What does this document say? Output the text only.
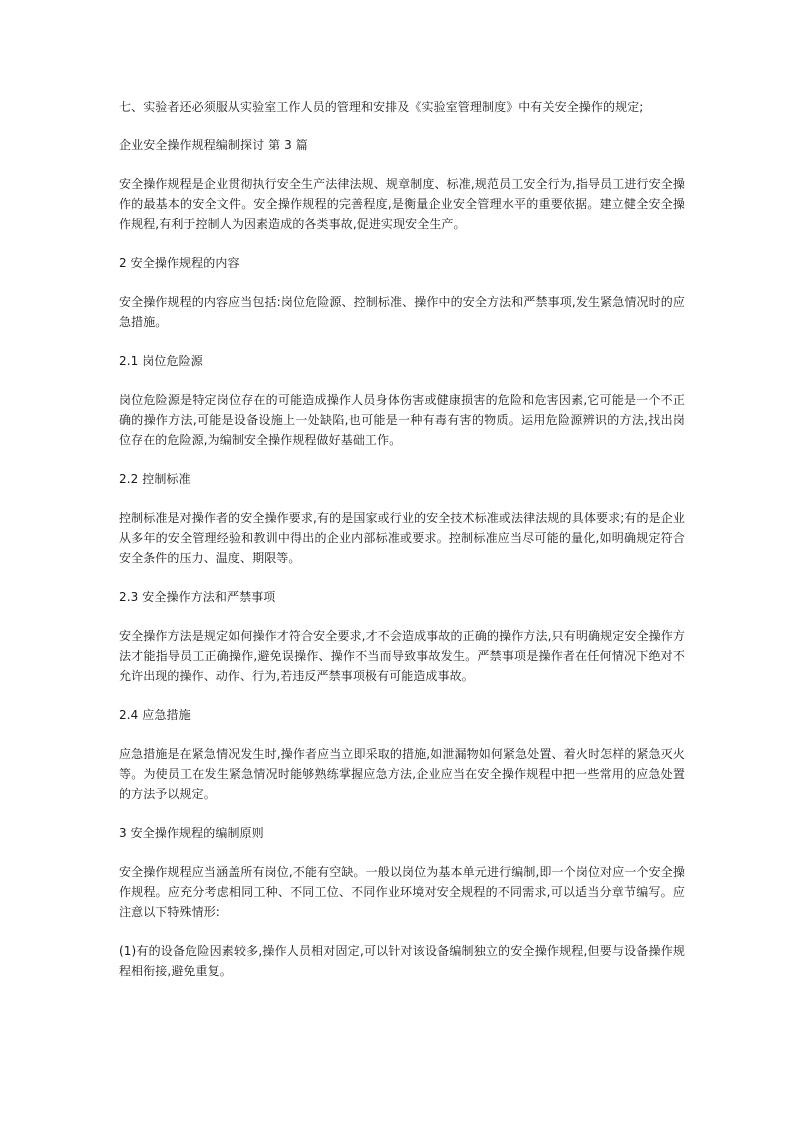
七、实验者还必须服从实验室工作人员的管理和安排及《实验室管理制度》中有关安全操作的规定;

企业安全操作规程编制探讨 第 3 篇

安全操作规程是企业贯彻执行安全生产法律法规、规章制度、标准,规范员工安全行为,指导员工进行安全操作的最基本的安全文件。安全操作规程的完善程度,是衡量企业安全管理水平的重要依据。建立健全安全操作规程,有利于控制人为因素造成的各类事故,促进实现安全生产。

2 安全操作规程的内容

安全操作规程的内容应当包括:岗位危险源、控制标准、操作中的安全方法和严禁事项,发生紧急情况时的应急措施。

2.1 岗位危险源

岗位危险源是特定岗位存在的可能造成操作人员身体伤害或健康损害的危险和危害因素,它可能是一个不正确的操作方法,可能是设备设施上一处缺陷,也可能是一种有毒有害的物质。运用危险源辨识的方法,找出岗位存在的危险源,为编制安全操作规程做好基础工作。

2.2 控制标准

控制标准是对操作者的安全操作要求,有的是国家或行业的安全技术标准或法律法规的具体要求;有的是企业从多年的安全管理经验和教训中得出的企业内部标准或要求。控制标准应当尽可能的量化,如明确规定符合安全条件的压力、温度、期限等。

2.3 安全操作方法和严禁事项

安全操作方法是规定如何操作才符合安全要求,才不会造成事故的正确的操作方法,只有明确规定安全操作方法才能指导员工正确操作,避免误操作、操作不当而导致事故发生。严禁事项是操作者在任何情况下绝对不允许出现的操作、动作、行为,若违反严禁事项极有可能造成事故。

2.4 应急措施

应急措施是在紧急情况发生时,操作者应当立即采取的措施,如泄漏物如何紧急处置、着火时怎样的紧急灭火等。为使员工在发生紧急情况时能够熟练掌握应急方法,企业应当在安全操作规程中把一些常用的应急处置的方法予以规定。

3 安全操作规程的编制原则

安全操作规程应当涵盖所有岗位,不能有空缺。一般以岗位为基本单元进行编制,即一个岗位对应一个安全操作规程。应充分考虑相同工种、不同工位、不同作业环境对安全规程的不同需求,可以适当分章节编写。应注意以下特殊情形:

(1)有的设备危险因素较多,操作人员相对固定,可以针对该设备编制独立的安全操作规程,但要与设备操作规程相衔接,避免重复。
